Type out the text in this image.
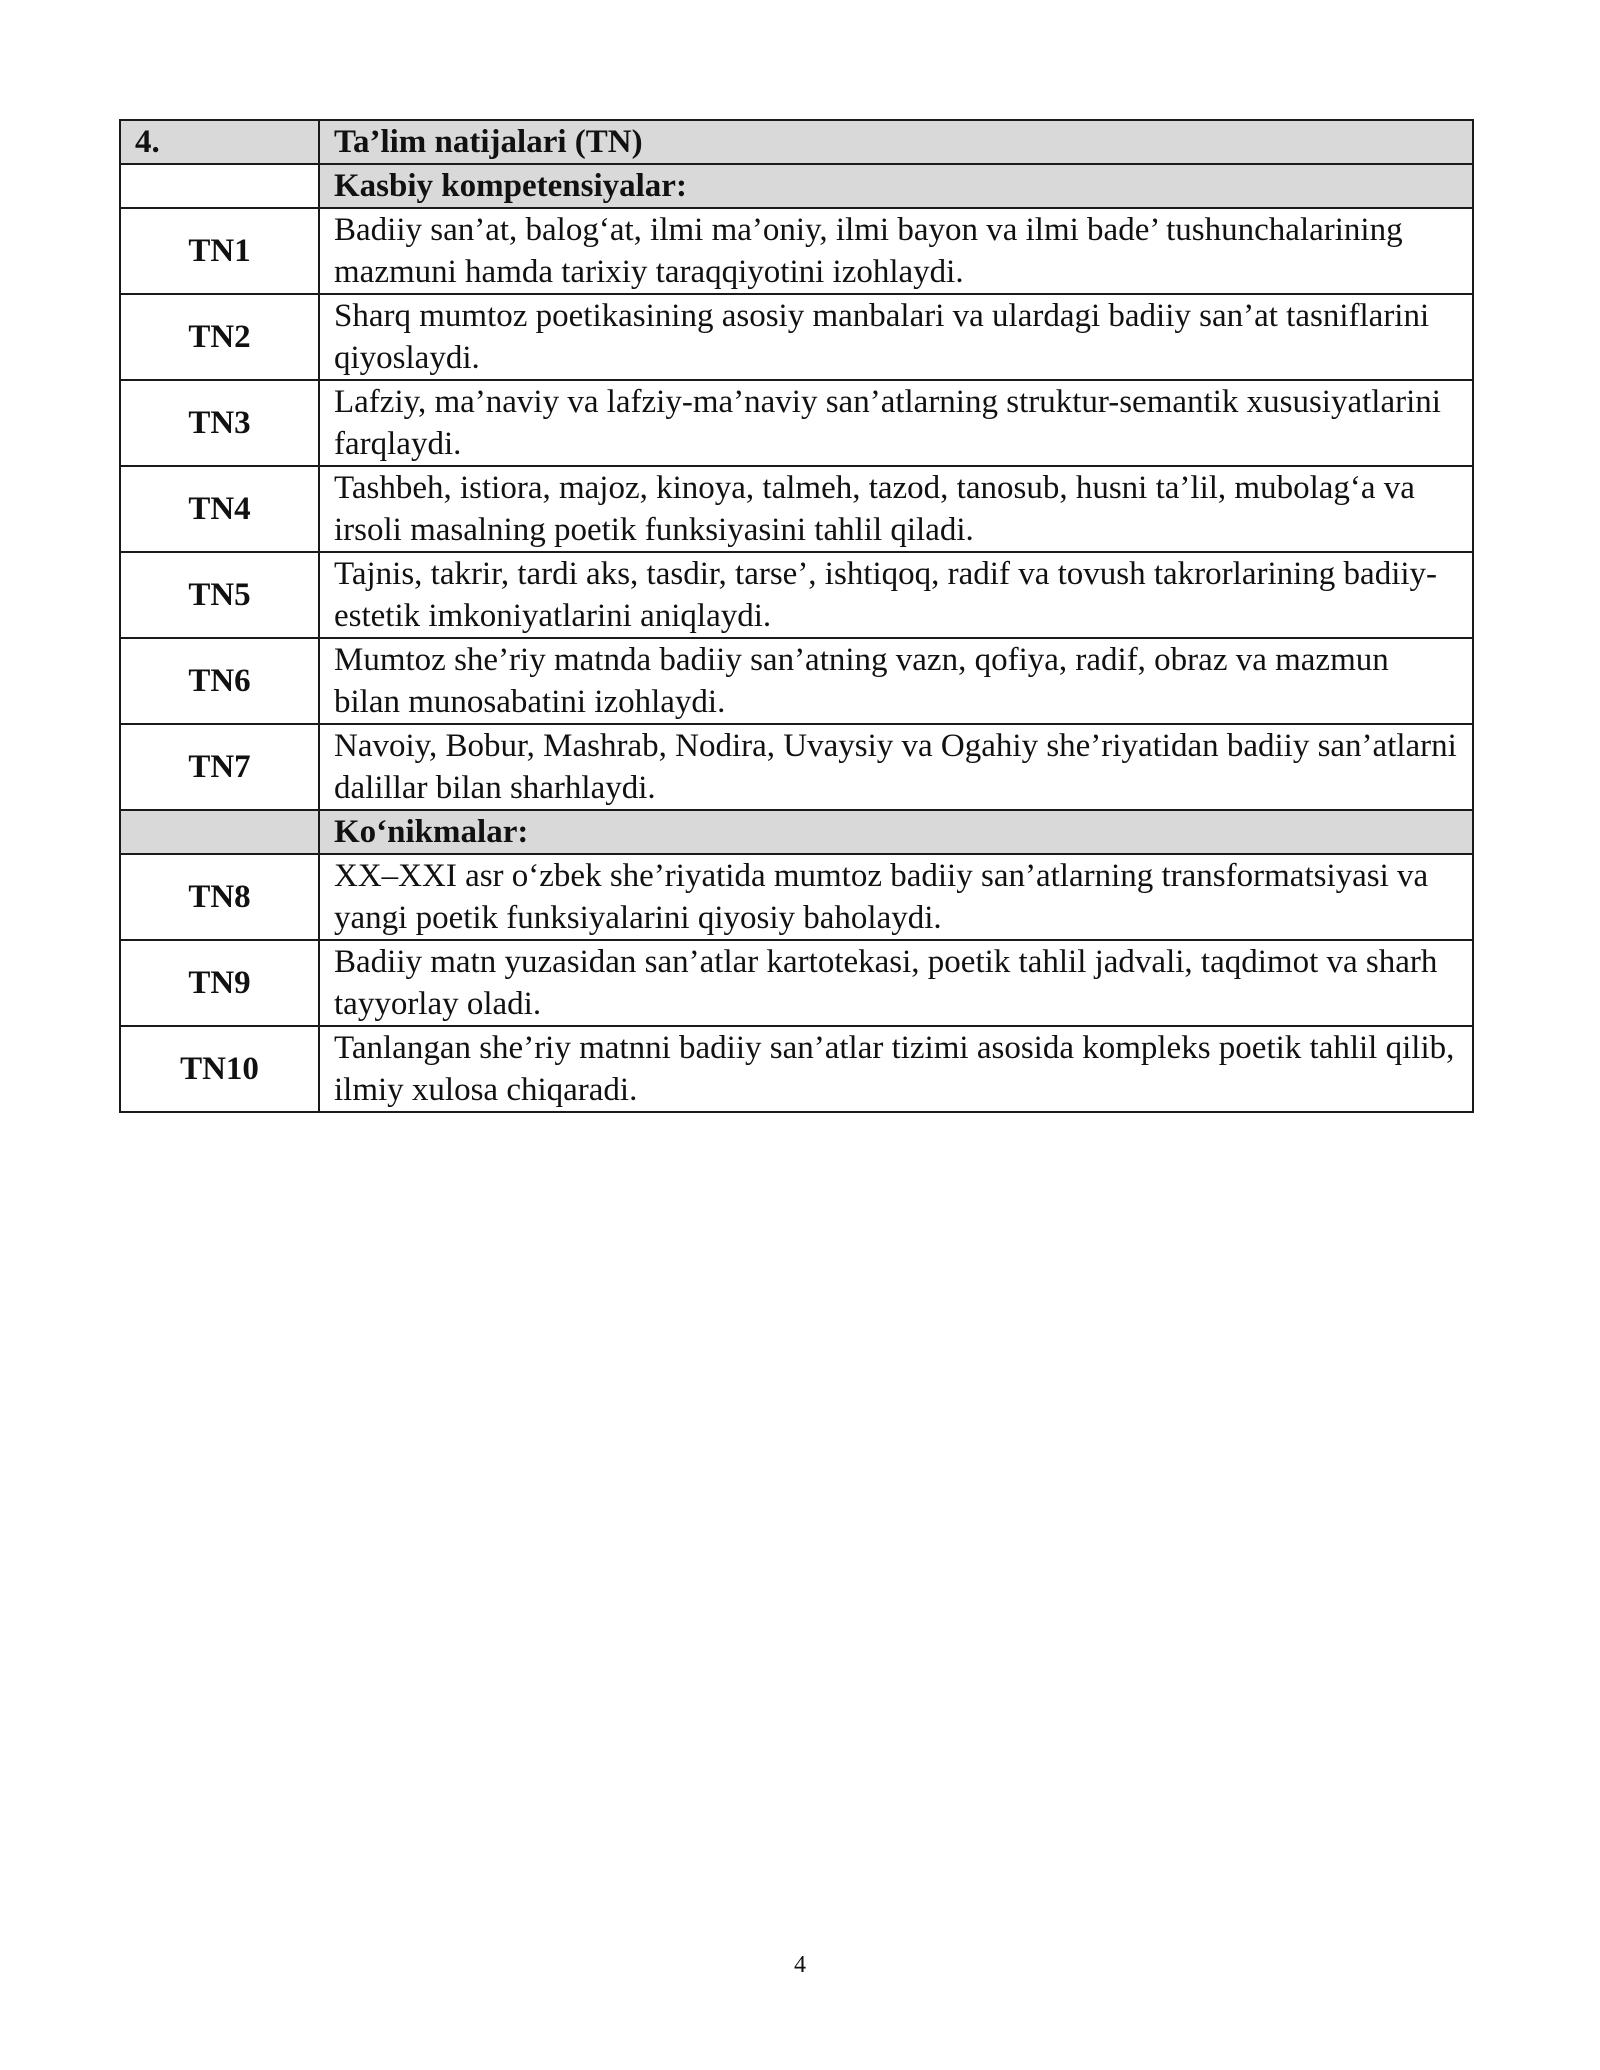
4.	Ta’lim natijalari (TN)
	Kasbiy kompetensiyalar:
TN1	Badiiy san’at, balog‘at, ilmi ma’oniy, ilmi bayon va ilmi bade’ tushunchalarining mazmuni hamda tarixiy taraqqiyotini izohlaydi.
TN2	Sharq mumtoz poetikasining asosiy manbalari va ulardagi badiiy san’at tasniflarini qiyoslaydi.
TN3	Lafziy, ma’naviy va lafziy-ma’naviy san’atlarning struktur-semantik xususiyatlarini farqlaydi.
TN4	Tashbeh, istiora, majoz, kinoya, talmeh, tazod, tanosub, husni ta’lil, mubolag‘a va irsoli masalning poetik funksiyasini tahlil qiladi.
TN5	Tajnis, takrir, tardi aks, tasdir, tarse’, ishtiqoq, radif va tovush takrorlarining badiiy-estetik imkoniyatlarini aniqlaydi.
TN6	Mumtoz she’riy matnda badiiy san’atning vazn, qofiya, radif, obraz va mazmun bilan munosabatini izohlaydi.
TN7	Navoiy, Bobur, Mashrab, Nodira, Uvaysiy va Ogahiy she’riyatidan badiiy san’atlarni dalillar bilan sharhlaydi.
	Ko‘nikmalar:
TN8	XX–XXI asr o‘zbek she’riyatida mumtoz badiiy san’atlarning transformatsiyasi va yangi poetik funksiyalarini qiyosiy baholaydi.
TN9	Badiiy matn yuzasidan san’atlar kartotekasi, poetik tahlil jadvali, taqdimot va sharh tayyorlay oladi.
TN10	Tanlangan she’riy matnni badiiy san’atlar tizimi asosida kompleks poetik tahlil qilib, ilmiy xulosa chiqaradi.
4
